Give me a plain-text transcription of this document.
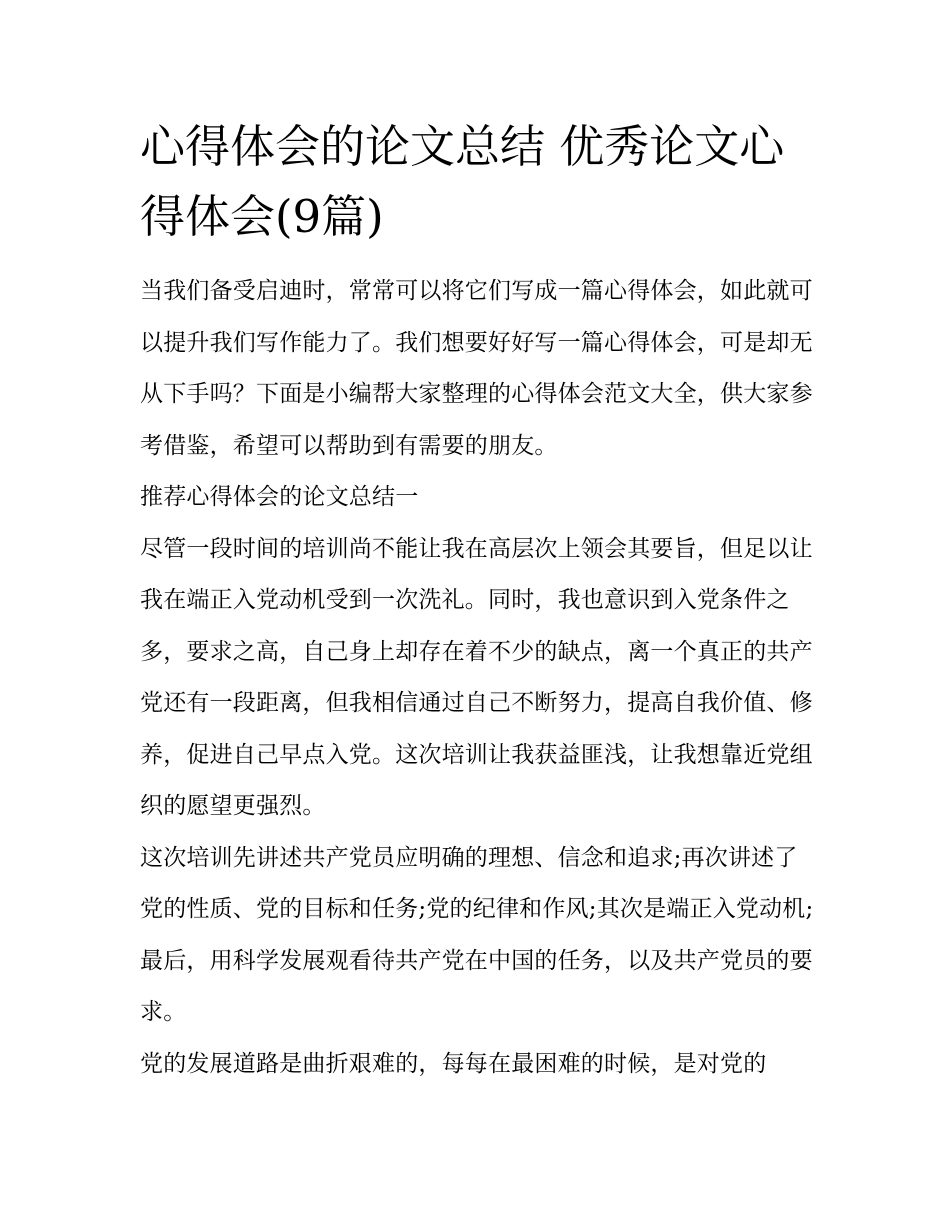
心得体会的论文总结 优秀论文心得体会(9篇)

当我们备受启迪时，常常可以将它们写成一篇心得体会，如此就可以提升我们写作能力了。我们想要好好写一篇心得体会，可是却无从下手吗？下面是小编帮大家整理的心得体会范文大全，供大家参考借鉴，希望可以帮助到有需要的朋友。

推荐心得体会的论文总结一

尽管一段时间的培训尚不能让我在高层次上领会其要旨，但足以让我在端正入党动机受到一次洗礼。同时，我也意识到入党条件之多，要求之高，自己身上却存在着不少的缺点，离一个真正的共产党还有一段距离，但我相信通过自己不断努力，提高自我价值、修养，促进自己早点入党。这次培训让我获益匪浅，让我想靠近党组织的愿望更强烈。

这次培训先讲述共产党员应明确的理想、信念和追求;再次讲述了党的性质、党的目标和任务;党的纪律和作风;其次是端正入党动机;最后，用科学发展观看待共产党在中国的任务，以及共产党员的要求。

党的发展道路是曲折艰难的，每每在最困难的时候，是对党的
